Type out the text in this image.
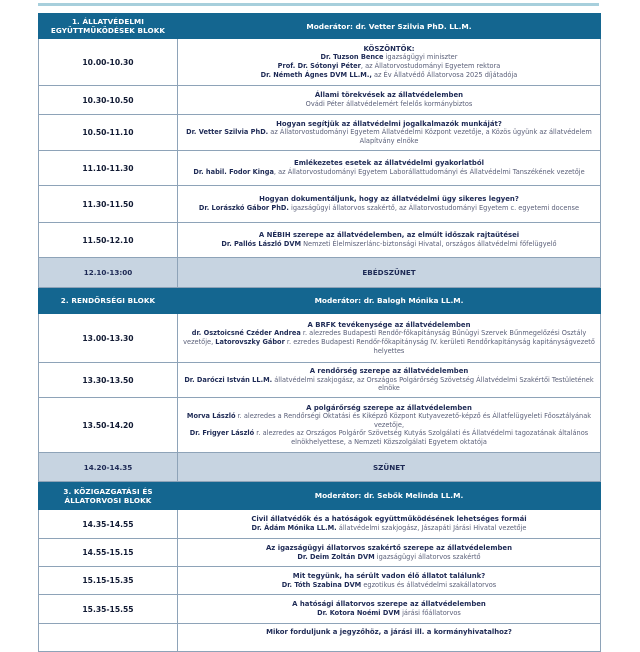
1. ÁLLATVÉDELMI EGYÜTTMŰKÖDÉSEK BLOKK	Moderátor: dr. Vetter Szilvia PhD. LL.M.
10.00-10.30	KÖSZÖNTŐK:
Dr. Tuzson Bence igazságügyi miniszter
Prof. Dr. Sótonyi Péter, az Állatorvostudományi Egyetem rektora
Dr. Németh Ágnes DVM LL.M., az Év Állatvédő Állatorvosa 2025 díjátadója

10.30-10.50	Állami törekvések az állatvédelemben
Ovádi Péter állatvédelemért felelős kormánybiztos

10.50-11.10	Hogyan segítjük az állatvédelmi jogalkalmazók munkáját?
Dr. Vetter Szilvia PhD. az Állatorvostudományi Egyetem Állatvédelmi Központ vezetője, a Közös ügyünk az állatvédelem Alapítvány elnöke
11.10-11.30	Emlékezetes esetek az állatvédelmi gyakorlatból
Dr. habil. Fodor Kinga, az Állatorvostudományi Egyetem Laborállattudományi és Állatvédelmi Tanszékének vezetője
11.30-11.50	Hogyan dokumentáljunk, hogy az állatvédelmi ügy sikeres legyen?
Dr. Lorászkó Gábor PhD. igazságügyi állatorvos szakértő, az Állatorvostudományi Egyetem c. egyetemi docense
11.50-12.10	A NÉBIH szerepe az állatvédelemben, az elmúlt időszak rajtaütései
Dr. Pallós László DVM Nemzeti Élelmiszerlánc-biztonsági Hivatal, országos állatvédelmi főfelügyelő
12.10-13:00	EBÉDSZÜNET
2. RENDŐRSÉGI BLOKK	Moderátor: dr. Balogh Mónika LL.M.
13.00-13.30	A BRFK tevékenysége az állatvédelemben
dr. Osztoicsné Czéder Andrea r. alezredes Budapesti Rendőr-főkapitányság Bűnügyi Szervek Bűnmegelőzési Osztály vezetője, Latorovszky Gábor r. ezredes Budapesti Rendőr-főkapitányság IV. kerületi Rendőrkapitányság kapitányságvezető helyettes
13.30-13.50	A rendőrség szerepe az állatvédelemben
Dr. Daróczi István LL.M. állatvédelmi szakjogász, az Országos Polgárőrség Szövetség Állatvédelmi Szakértői Testületének elnöke
13.50-14.20	A polgárőrség szerepe az állatvédelemben
Morva László r. alezredes a Rendőrségi Oktatási és Kiképző Központ Kutyavezető-képző és Állatfelügyeleti Főosztályának vezetője,
Dr. Frigyer László r. alezredes az Országos Polgárőr Szövetség Kutyás Szolgálati és Állatvédelmi tagozatának általános elnökhelyettese, a Nemzeti Közszolgálati Egyetem oktatója

14.20-14.35	SZÜNET
3. KÖZIGAZGATÁSI ÉS ÁLLATORVOSI BLOKK	Moderátor: dr. Sebők Melinda LL.M.
14.35-14.55	Civil állatvédők és a hatóságok együttműködésének lehetséges formái
Dr. Ádám Mónika LL.M. állatvédelmi szakjogász, Jászapáti Járási Hivatal vezetője
14.55-15.15	Az igazságügyi állatorvos szakértő szerepe az állatvédelemben
Dr. Deim Zoltán DVM igazságügyi állatorvos szakértő
15.15-15.35	Mit tegyünk, ha sérült vadon élő állatot találunk?
Dr. Tóth Szabina DVM egzotikus és állatvédelmi szakállatorvos
15.35-15.55	A hatósági állatorvos szerepe az állatvédelemben
Dr. Kotora Noémi DVM járási főállatorvos

	Mikor forduljunk a jegyzőhöz, a járási ill. a kormányhivatalhoz?
